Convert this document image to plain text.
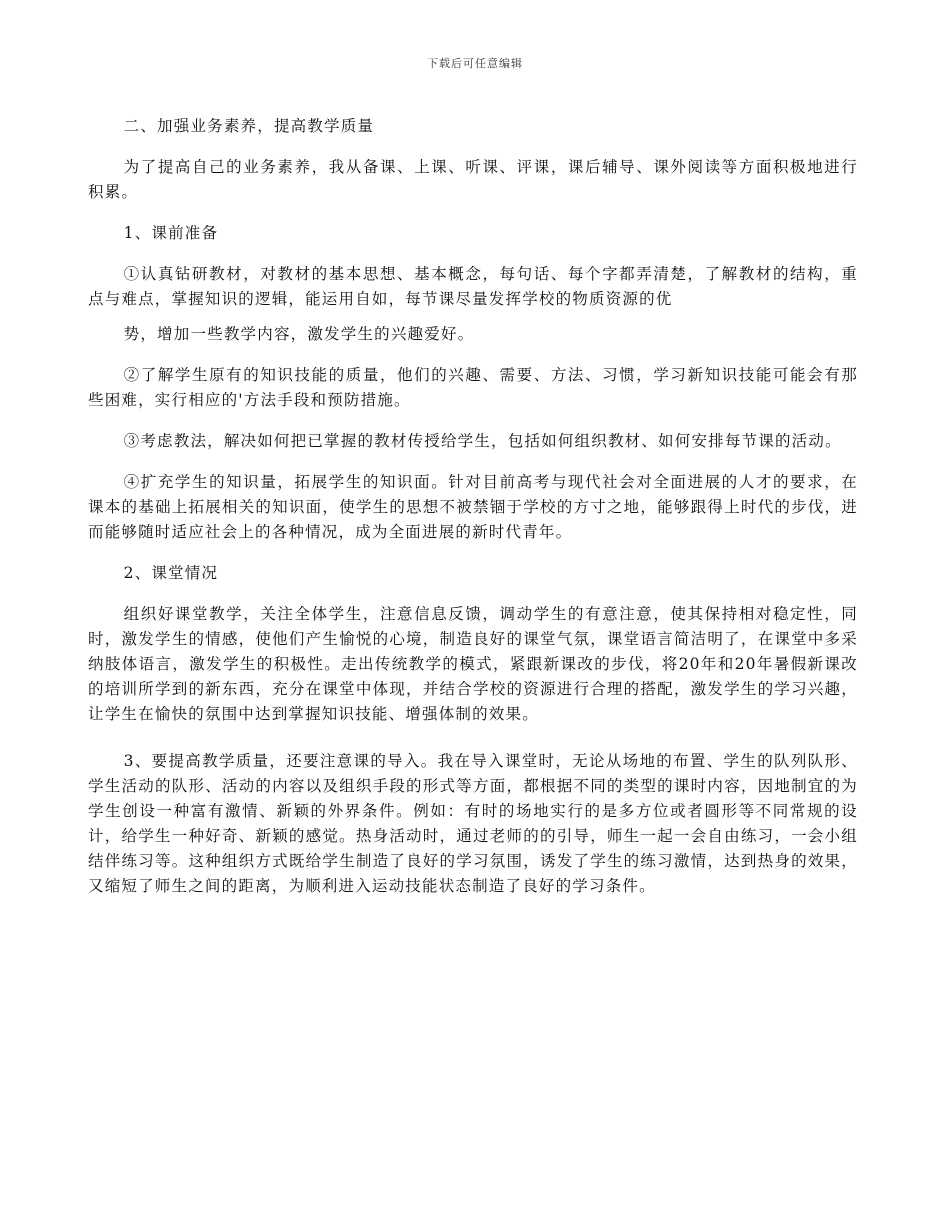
下载后可任意编辑

二、加强业务素养，提高教学质量

为了提高自己的业务素养，我从备课、上课、听课、评课，课后辅导、课外阅读等方面积极地进行积累。

1、课前准备

①认真钻研教材，对教材的基本思想、基本概念，每句话、每个字都弄清楚，了解教材的结构，重点与难点，掌握知识的逻辑，能运用自如，每节课尽量发挥学校的物质资源的优

势，增加一些教学内容，激发学生的兴趣爱好。

②了解学生原有的知识技能的质量，他们的兴趣、需要、方法、习惯，学习新知识技能可能会有那些困难，实行相应的'方法手段和预防措施。

③考虑教法，解决如何把已掌握的教材传授给学生，包括如何组织教材、如何安排每节课的活动。

④扩充学生的知识量，拓展学生的知识面。针对目前高考与现代社会对全面进展的人才的要求，在课本的基础上拓展相关的知识面，使学生的思想不被禁锢于学校的方寸之地，能够跟得上时代的步伐，进而能够随时适应社会上的各种情况，成为全面进展的新时代青年。

2、课堂情况

组织好课堂教学，关注全体学生，注意信息反馈，调动学生的有意注意，使其保持相对稳定性，同时，激发学生的情感，使他们产生愉悦的心境，制造良好的课堂气氛，课堂语言简洁明了，在课堂中多采纳肢体语言，激发学生的积极性。走出传统教学的模式，紧跟新课改的步伐，将20年和20年暑假新课改的培训所学到的新东西，充分在课堂中体现，并结合学校的资源进行合理的搭配，激发学生的学习兴趣，让学生在愉快的氛围中达到掌握知识技能、增强体制的效果。

3、要提高教学质量，还要注意课的导入。我在导入课堂时，无论从场地的布置、学生的队列队形、学生活动的队形、活动的内容以及组织手段的形式等方面，都根据不同的类型的课时内容，因地制宜的为学生创设一种富有激情、新颖的外界条件。例如：有时的场地实行的是多方位或者圆形等不同常规的设计，给学生一种好奇、新颖的感觉。热身活动时，通过老师的的引导，师生一起一会自由练习，一会小组结伴练习等。这种组织方式既给学生制造了良好的学习氛围，诱发了学生的练习激情，达到热身的效果，又缩短了师生之间的距离，为顺利进入运动技能状态制造了良好的学习条件。
